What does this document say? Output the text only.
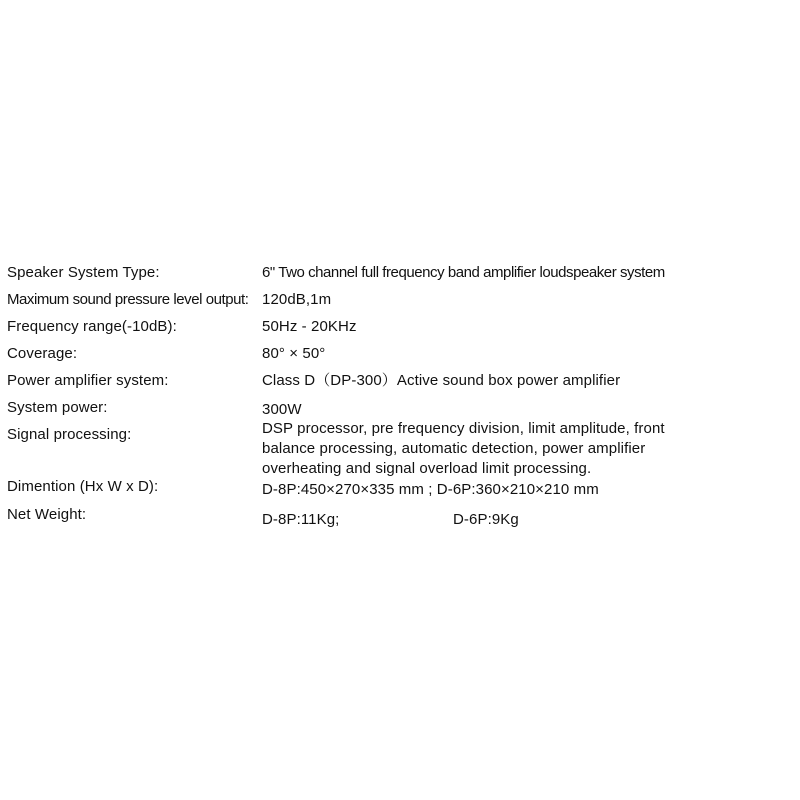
Speaker System Type:	6" Two channel full frequency band amplifier loudspeaker system
Maximum sound pressure level output: 120dB,1m
Frequency range(-10dB):	50Hz - 20KHz
Coverage:	80° × 50°
Power amplifier system:	Class D（DP-300）Active sound box power amplifier
System power:	300W
Signal processing:	DSP processor, pre frequency division, limit amplitude, front
balance processing, automatic detection, power amplifier
overheating and signal overload limit processing.
Dimention (Hx W x D):	D-8P:450×270×335 mm ; D-6P:360×210×210 mm
Net Weight:	D-8P:11Kg;	D-6P:9Kg
